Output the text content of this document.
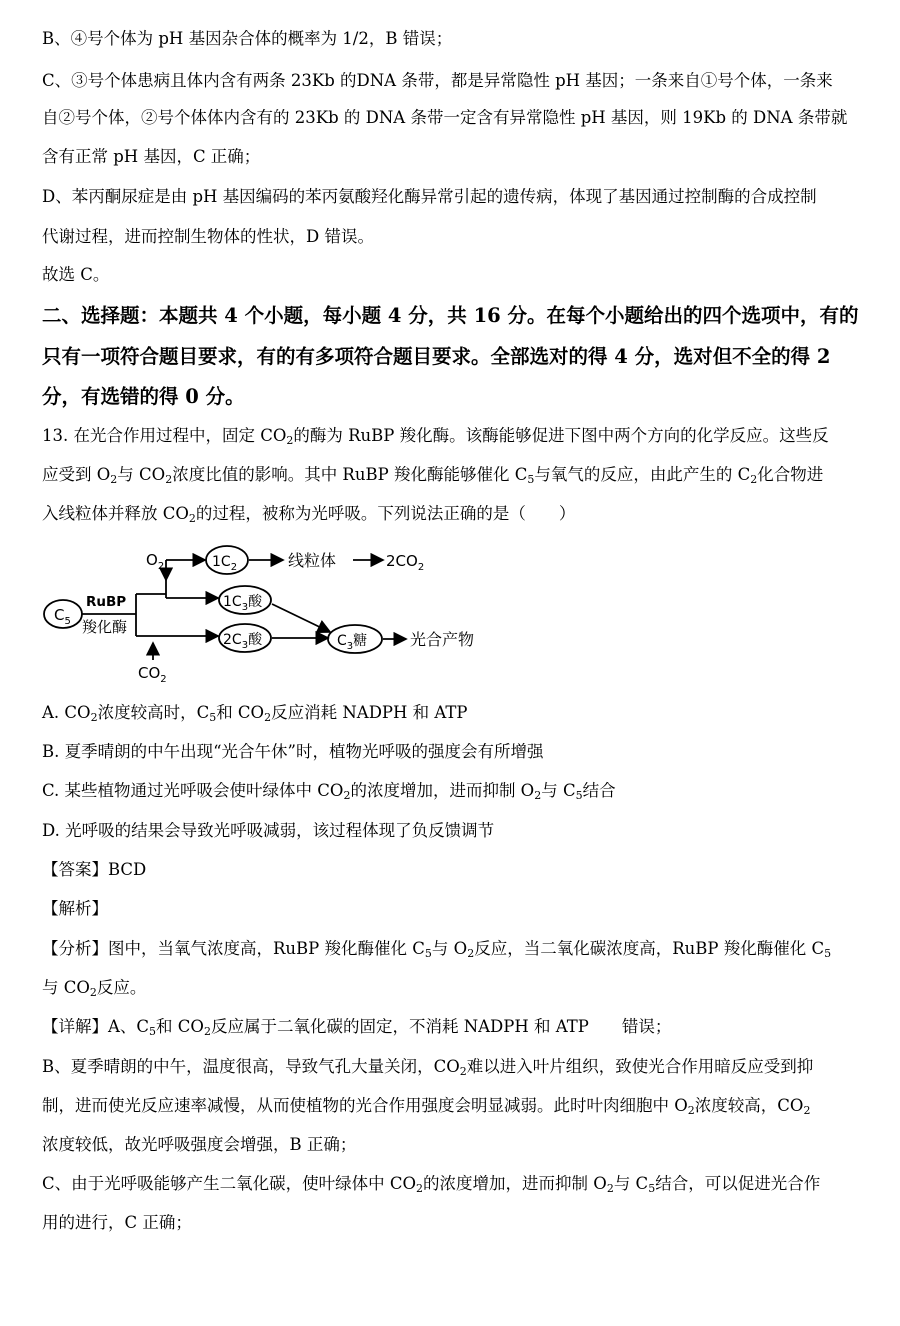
B、④号个体为 pH 基因杂合体的概率为 1/2，B 错误；
C、③号个体患病且体内含有两条 23Kb 的DNA 条带，都是异常隐性 pH 基因；一条来自①号个体，一条来
自②号个体，②号个体体内含有的 23Kb 的 DNA 条带一定含有异常隐性 pH 基因，则 19Kb 的 DNA 条带就
含有正常 pH 基因，C 正确；
D、苯丙酮尿症是由 pH 基因编码的苯丙氨酸羟化酶异常引起的遗传病，体现了基因通过控制酶的合成控制
代谢过程，进而控制生物体的性状，D 错误。
故选 C。
二、选择题：本题共 4 个小题，每小题 4 分，共 16 分。在每个小题给出的四个选项中，有的
只有一项符合题目要求，有的有多项符合题目要求。全部选对的得 4 分，选对但不全的得 2
分，有选错的得 0 分。
13. 在光合作用过程中，固定 $CO_2$的酶为 RuBP 羧化酶。该酶能够促进下图中两个方向的化学反应。这些反
应受到 $O_2$与 $CO_2$浓度比值的影响。其中 RuBP 羧化酶能够催化 $C_5$与氧气的反应，由此产生的 $C_2$化合物进
入线粒体并释放 $CO_2$的过程，被称为光呼吸。下列说法正确的是（　　）
$C_5$
RuBP
羧化酶
$O_2$
$CO_2$
$1C_2$	线粒体	$2CO_2$
$1C_3$酸
$2C_3$酸	$C_3$糖	光合产物
A. $CO_2$浓度较高时，$C_5$和 $CO_2$反应消耗 NADPH 和 ATP
B. 夏季晴朗的中午出现“光合午休”时，植物光呼吸的强度会有所增强
C. 某些植物通过光呼吸会使叶绿体中 $CO_2$的浓度增加，进而抑制 $O_2$与 $C_5$结合
D. 光呼吸的结果会导致光呼吸减弱，该过程体现了负反馈调节
【答案】BCD
【解析】
【分析】图中，当氧气浓度高，RuBP 羧化酶催化 $C_5$与 $O_2$反应，当二氧化碳浓度高，RuBP 羧化酶催化 $C_5$
与 $CO_2$反应。
【详解】A、$C_5$和 $CO_2$反应属于二氧化碳的固定，不消耗 NADPH 和 ATP　　错误；
B、夏季晴朗的中午，温度很高，导致气孔大量关闭，$CO_2$难以进入叶片组织，致使光合作用暗反应受到抑
制，进而使光反应速率减慢，从而使植物的光合作用强度会明显减弱。此时叶肉细胞中 $O_2$浓度较高，$CO_2$
浓度较低，故光呼吸强度会增强，B 正确；
C、由于光呼吸能够产生二氧化碳，使叶绿体中 $CO_2$的浓度增加，进而抑制 $O_2$与 $C_5$结合，可以促进光合作
用的进行，C 正确；
